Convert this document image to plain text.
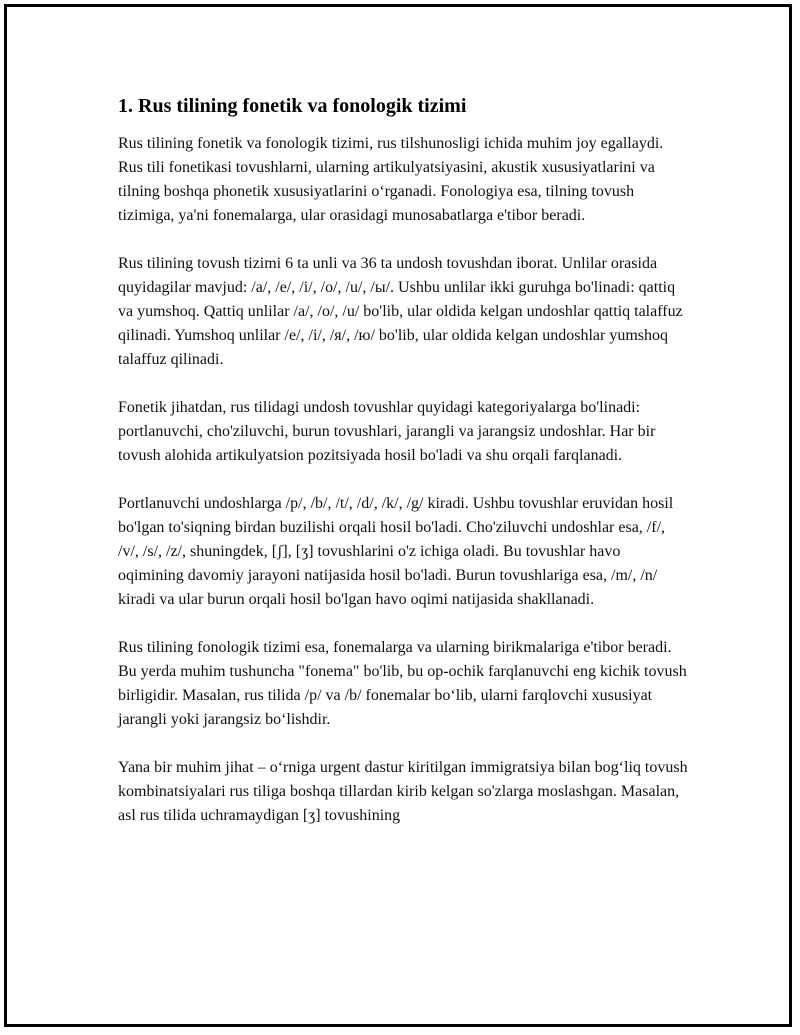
1. Rus tilining fonetik va fonologik tizimi

Rus tilining fonetik va fonologik tizimi, rus tilshunosligi ichida muhim joy egallaydi. Rus tili fonetikasi tovushlarni, ularning artikulyatsiyasini, akustik xususiyatlarini va tilning boshqa phonetik xususiyatlarini oʻrganadi. Fonologiya esa, tilning tovush tizimiga, ya'ni fonemalarga, ular orasidagi munosabatlarga e'tibor beradi.

Rus tilining tovush tizimi 6 ta unli va 36 ta undosh tovushdan iborat. Unlilar orasida quyidagilar mavjud: /а/, /е/, /і/, /о/, /u/, /ы/. Ushbu unlilar ikki guruhga bo'linadi: qattiq va yumshoq. Qattiq unlilar /а/, /о/, /u/ bo'lib, ular oldida kelgan undoshlar qattiq talaffuz qilinadi. Yumshoq unlilar /е/, /і/, /я/, /ю/ bo'lib, ular oldida kelgan undoshlar yumshoq talaffuz qilinadi.

Fonetik jihatdan, rus tilidagi undosh tovushlar quyidagi kategoriyalarga bo'linadi: portlanuvchi, cho'ziluvchi, burun tovushlari, jarangli va jarangsiz undoshlar. Har bir tovush alohida artikulyatsion pozitsiyada hosil bo'ladi va shu orqali farqlanadi.

Portlanuvchi undoshlarga /p/, /b/, /t/, /d/, /k/, /g/ kiradi. Ushbu tovushlar eruvidan hosil bo'lgan to'siqning birdan buzilishi orqali hosil bo'ladi. Cho'ziluvchi undoshlar esa, /f/, /v/, /s/, /z/, shuningdek, [ʃ], [ʒ] tovushlarini o'z ichiga oladi. Bu tovushlar havo oqimining davomiy jarayoni natijasida hosil bo'ladi. Burun tovushlariga esa, /m/, /n/ kiradi va ular burun orqali hosil bo'lgan havo oqimi natijasida shakllanadi.

Rus tilining fonologik tizimi esa, fonemalarga va ularning birikmalariga e'tibor beradi. Bu yerda muhim tushuncha "fonema" bo'lib, bu op-ochik farqlanuvchi eng kichik tovush birligidir. Masalan, rus tilida /p/ va /b/ fonemalar boʻlib, ularni farqlovchi xususiyat jarangli yoki jarangsiz boʻlishdir.

Yana bir muhim jihat – oʻrniga urgent dastur kiritilgan immigratsiya bilan bogʻliq tovush kombinatsiyalari rus tiliga boshqa tillardan kirib kelgan so'zlarga moslashgan. Masalan, asl rus tilida uchramaydigan [ʒ] tovushining
